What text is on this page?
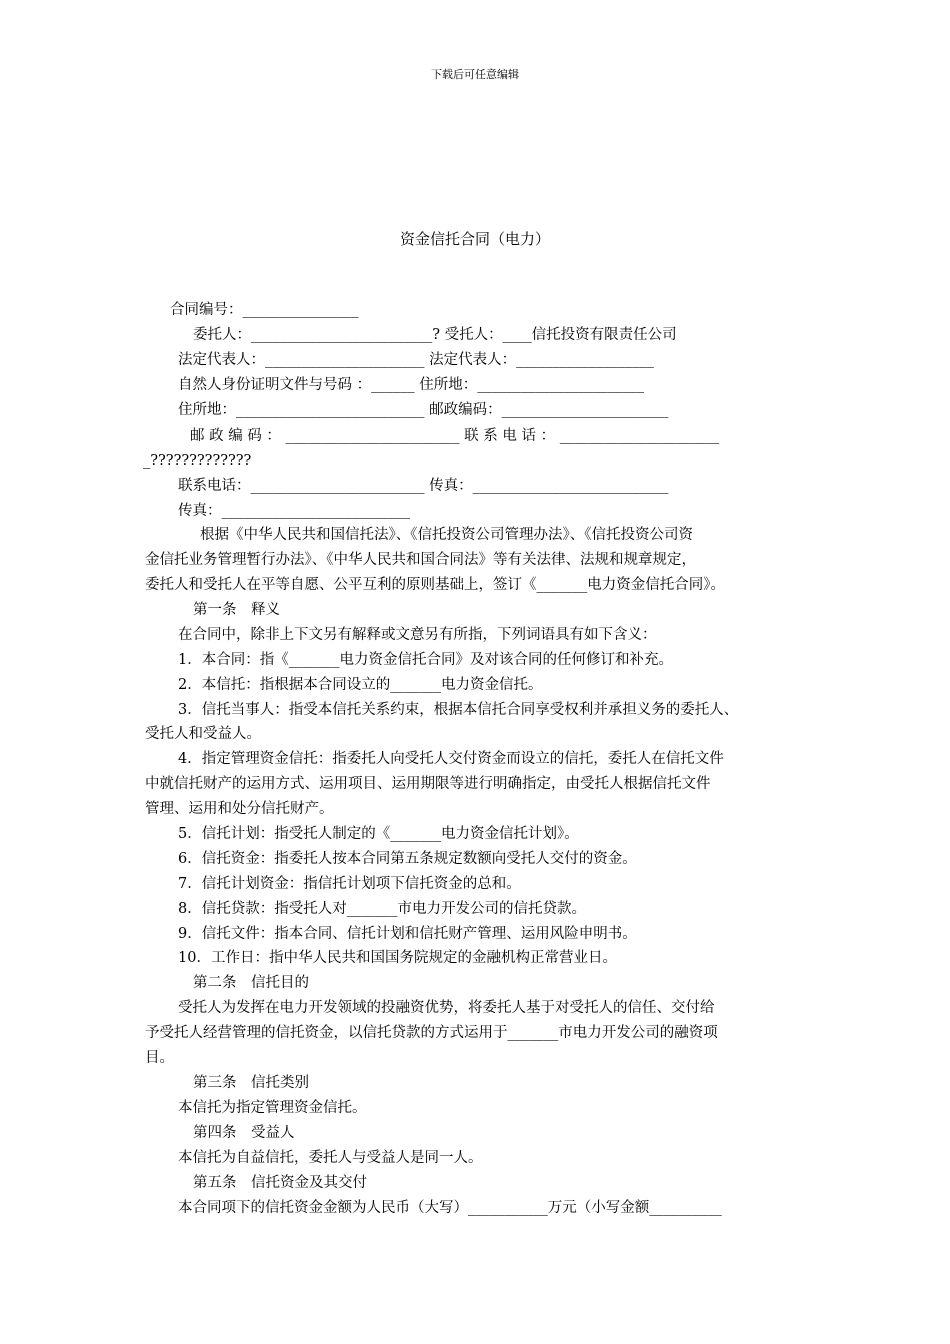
下载后可任意编辑
资金信托合同（电力）
合同编号：________________
委托人：_________________________? 受托人：____信托投资有限责任公司
法定代表人：______________________ 法定代表人：___________________
自然人身份证明文件与号码 ：______ 住所地：_______________________
住所地：__________________________ 邮政编码：_______________________
邮 政 编 码 ： ________________________ 联 系 电 话 ： ______________________
_?????????????
联系电话：________________________ 传真：___________________________
传真：__________________________
根据《中华人民共和国信托法》、《信托投资公司管理办法》、《信托投资公司资
金信托业务管理暂行办法》、《中华人民共和国合同法》等有关法律、法规和规章规定，
委托人和受托人在平等自愿、公平互利的原则基础上，签订《_______电力资金信托合同》。
第一条　释义
在合同中，除非上下文另有解释或文意另有所指，下列词语具有如下含义：
1．本合同：指《_______电力资金信托合同》及对该合同的任何修订和补充。
2．本信托：指根据本合同设立的_______电力资金信托。
3．信托当事人：指受本信托关系约束，根据本信托合同享受权利并承担义务的委托人、
受托人和受益人。
4．指定管理资金信托：指委托人向受托人交付资金而设立的信托，委托人在信托文件
中就信托财产的运用方式、运用项目、运用期限等进行明确指定，由受托人根据信托文件
管理、运用和处分信托财产。
5．信托计划：指受托人制定的《_______电力资金信托计划》。
6．信托资金：指委托人按本合同第五条规定数额向受托人交付的资金。
7．信托计划资金：指信托计划项下信托资金的总和。
8．信托贷款：指受托人对_______市电力开发公司的信托贷款。
9．信托文件：指本合同、信托计划和信托财产管理、运用风险申明书。
10．工作日：指中华人民共和国国务院规定的金融机构正常营业日。
第二条　信托目的
受托人为发挥在电力开发领域的投融资优势，将委托人基于对受托人的信任、交付给
予受托人经营管理的信托资金，以信托贷款的方式运用于_______市电力开发公司的融资项
目。
第三条　信托类别
本信托为指定管理资金信托。
第四条　受益人
本信托为自益信托，委托人与受益人是同一人。
第五条　信托资金及其交付
本合同项下的信托资金金额为人民币（大写）___________万元（小写金额__________
